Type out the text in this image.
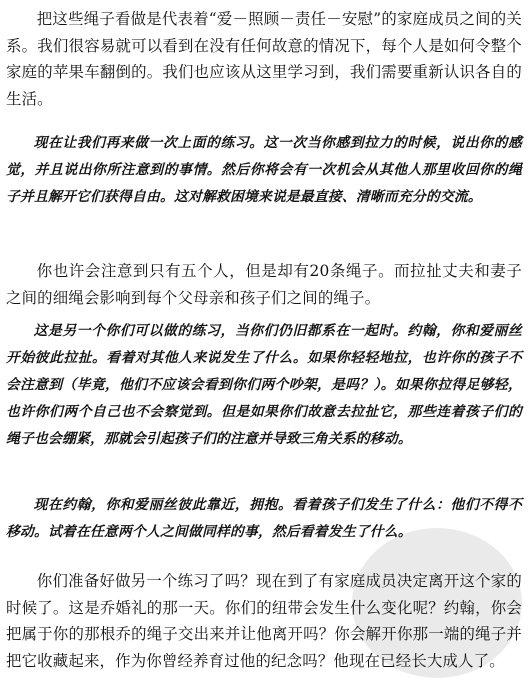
把这些绳子看做是代表着“爱－照顾－责任－安慰”的家庭成员之间的关系。我们很容易就可以看到在没有任何故意的情况下，每个人是如何令整个家庭的苹果车翻倒的。我们也应该从这里学习到，我们需要重新认识各自的生活。

现在让我们再来做一次上面的练习。这一次当你感到拉力的时候，说出你的感觉，并且说出你所注意到的事情。然后你将会有一次机会从其他人那里收回你的绳子并且解开它们获得自由。这对解救困境来说是最直接、清晰而充分的交流。

你也许会注意到只有五个人，但是却有20条绳子。而拉扯丈夫和妻子之间的细绳会影响到每个父母亲和孩子们之间的绳子。

这是另一个你们可以做的练习，当你们仍旧都系在一起时。约翰，你和爱丽丝开始彼此拉扯。看着对其他人来说发生了什么。如果你轻轻地拉，也许你的孩子不会注意到（毕竟，他们不应该会看到你们两个吵架，是吗？）。如果你拉得足够轻，也许你们两个自己也不会察觉到。但是如果你们故意去拉扯它，那些连着孩子们的绳子也会绷紧，那就会引起孩子们的注意并导致三角关系的移动。

现在约翰，你和爱丽丝彼此靠近，拥抱。看着孩子们发生了什么：他们不得不移动。试着在任意两个人之间做同样的事，然后看着发生了什么。

你们准备好做另一个练习了吗？现在到了有家庭成员决定离开这个家的时候了。这是乔婚礼的那一天。你们的纽带会发生什么变化呢？约翰，你会把属于你的那根乔的绳子交出来并让他离开吗？你会解开你那一端的绳子并把它收藏起来，作为你曾经养育过他的纪念吗？他现在已经长大成人了。
